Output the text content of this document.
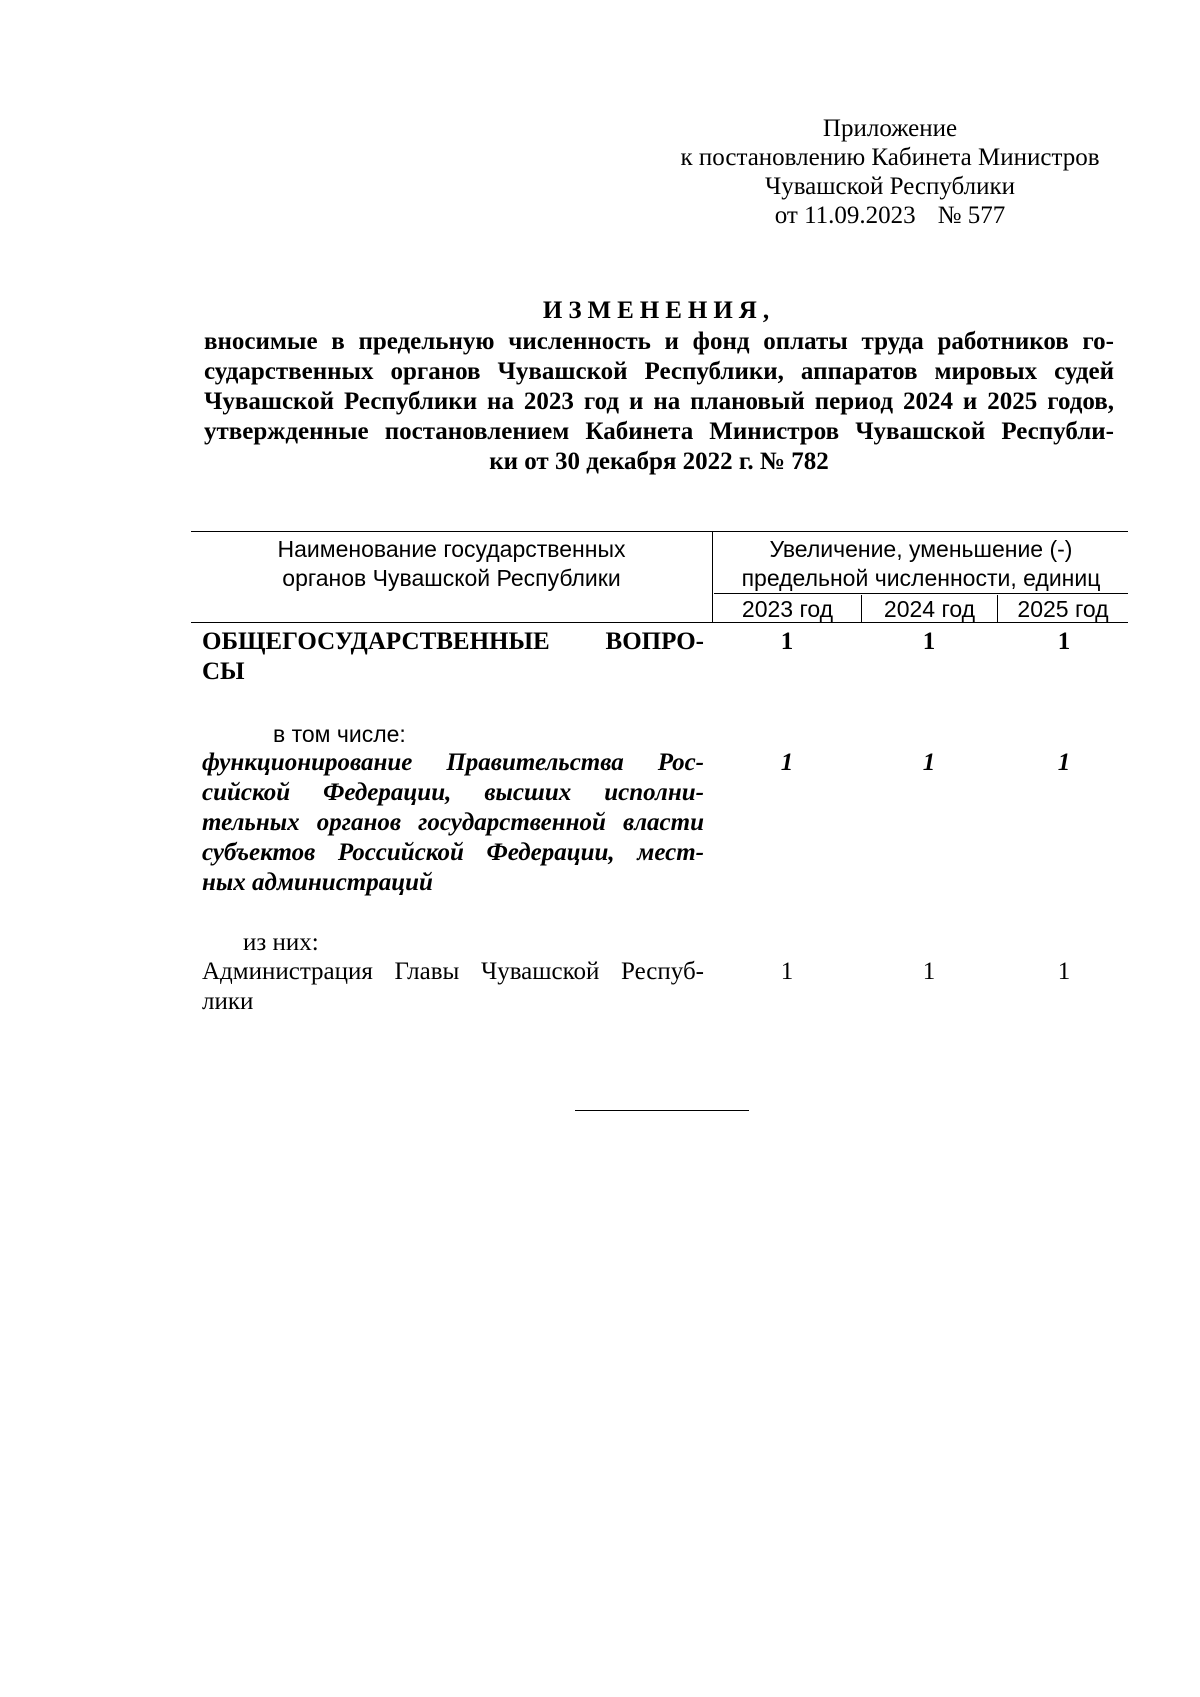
Приложение
к постановлению Кабинета Министров
Чувашской Республики
от 11.09.2023 № 577
ИЗМЕНЕНИЯ,
вносимые в предельную численность и фонд оплаты труда работников го-
сударственных органов Чувашской Республики, аппаратов мировых судей
Чувашской Республики на 2023 год и на плановый период 2024 и 2025 годов,
утвержденные постановлением Кабинета Министров Чувашской Республи-
ки от 30 декабря 2022 г. № 782
Наименование государственных
органов Чувашской Республики
Увеличение, уменьшение (-)
предельной численности, единиц
2023 год	2024 год	2025 год
ОБЩЕГОСУДАРСТВЕННЫЕ ВОПРО-
СЫ
1	1	1
в том числе:
функционирование Правительства Рос-
сийской Федерации, высших исполни-
тельных органов государственной власти
субъектов Российской Федерации, мест-
ных администраций
1	1	1
из них:
Администрация Главы Чувашской Респуб-
лики
1	1	1
